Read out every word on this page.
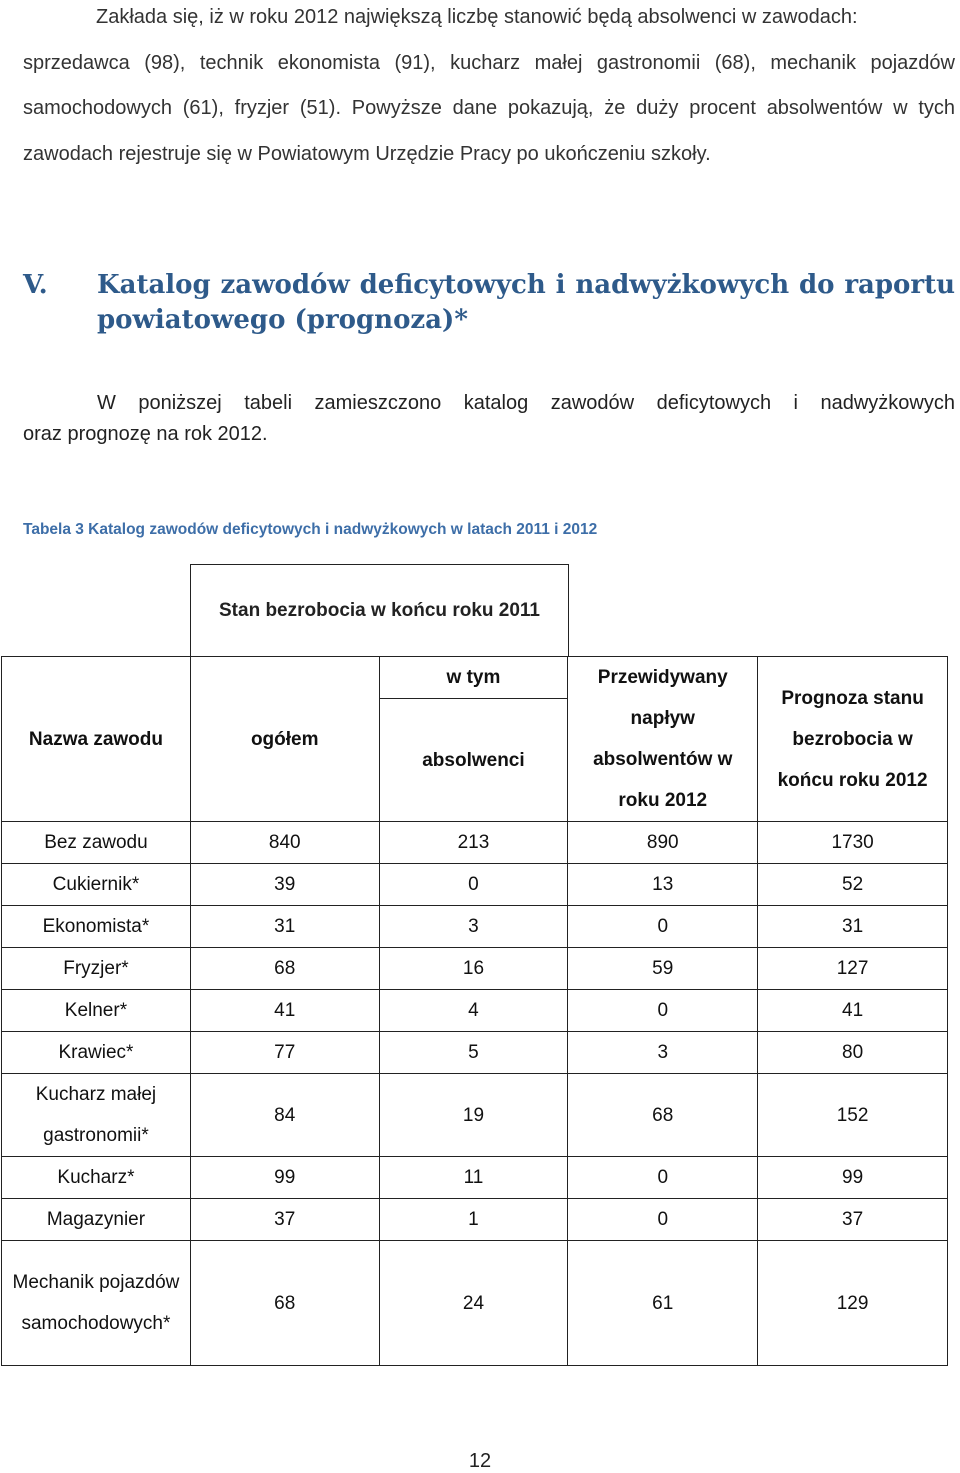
Zakłada się, iż w roku 2012 największą liczbę stanowić będą absolwenci w zawodach:
sprzedawca (98), technik ekonomista (91), kucharz małej gastronomii (68), mechanik pojazdów samochodowych (61), fryzjer (51). Powyższe dane pokazują, że duży procent absolwentów w tych zawodach rejestruje się w Powiatowym Urzędzie Pracy po ukończeniu szkoły.
V. Katalog zawodów deficytowych i nadwyżkowych do raportu
powiatowego (prognoza)*
W poniższej tabeli zamieszczono katalog zawodów deficytowych i nadwyżkowych
oraz prognozę na rok 2012.
Tabela 3 Katalog zawodów deficytowych i nadwyżkowych w latach 2011 i 2012
Stan bezrobocia w końcu roku 2011
Nazwa zawodu	ogółem	w tym	Przewidywany napływ absolwentów w roku 2012	Prognoza stanu bezrobocia w końcu roku 2012
		absolwenci		
Bez zawodu	840	213	890	1730
Cukiernik*	39	0	13	52
Ekonomista*	31	3	0	31
Fryzjer*	68	16	59	127
Kelner*	41	4	0	41
Krawiec*	77	5	3	80
Kucharz małej gastronomii*	84	19	68	152
Kucharz*	99	11	0	99
Magazynier	37	1	0	37
Mechanik pojazdów samochodowych*	68	24	61	129
12
